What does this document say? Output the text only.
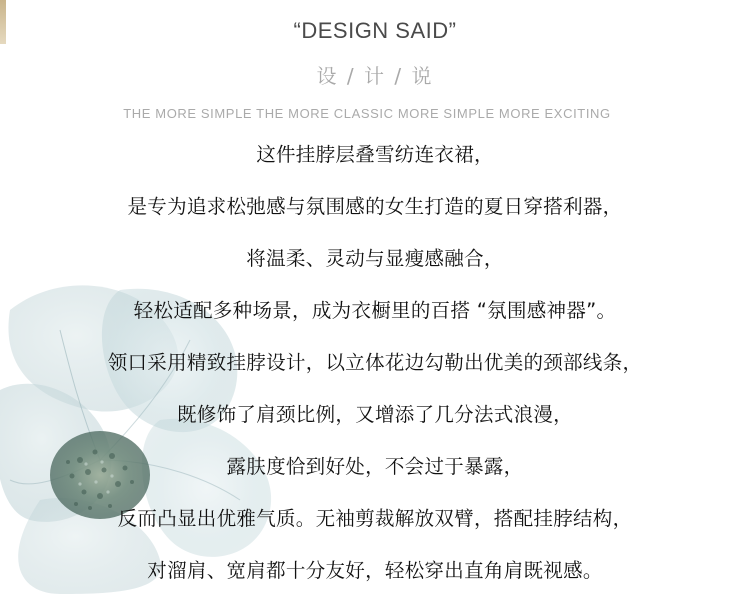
“DESIGN SAID”
设 / 计 / 说
THE MORE SIMPLE THE MORE CLASSIC MORE SIMPLE MORE EXCITING
这件挂脖层叠雪纺连衣裙，
是专为追求松弛感与氛围感的女生打造的夏日穿搭利器，
将温柔、灵动与显瘦感融合，
轻松适配多种场景，成为衣橱里的百搭 “氛围感神器”。
领口采用精致挂脖设计，以立体花边勾勒出优美的颈部线条，
既修饰了肩颈比例，又增添了几分法式浪漫，
露肤度恰到好处，不会过于暴露，
反而凸显出优雅气质。无袖剪裁解放双臂，搭配挂脖结构，
对溜肩、宽肩都十分友好，轻松穿出直角肩既视感。
